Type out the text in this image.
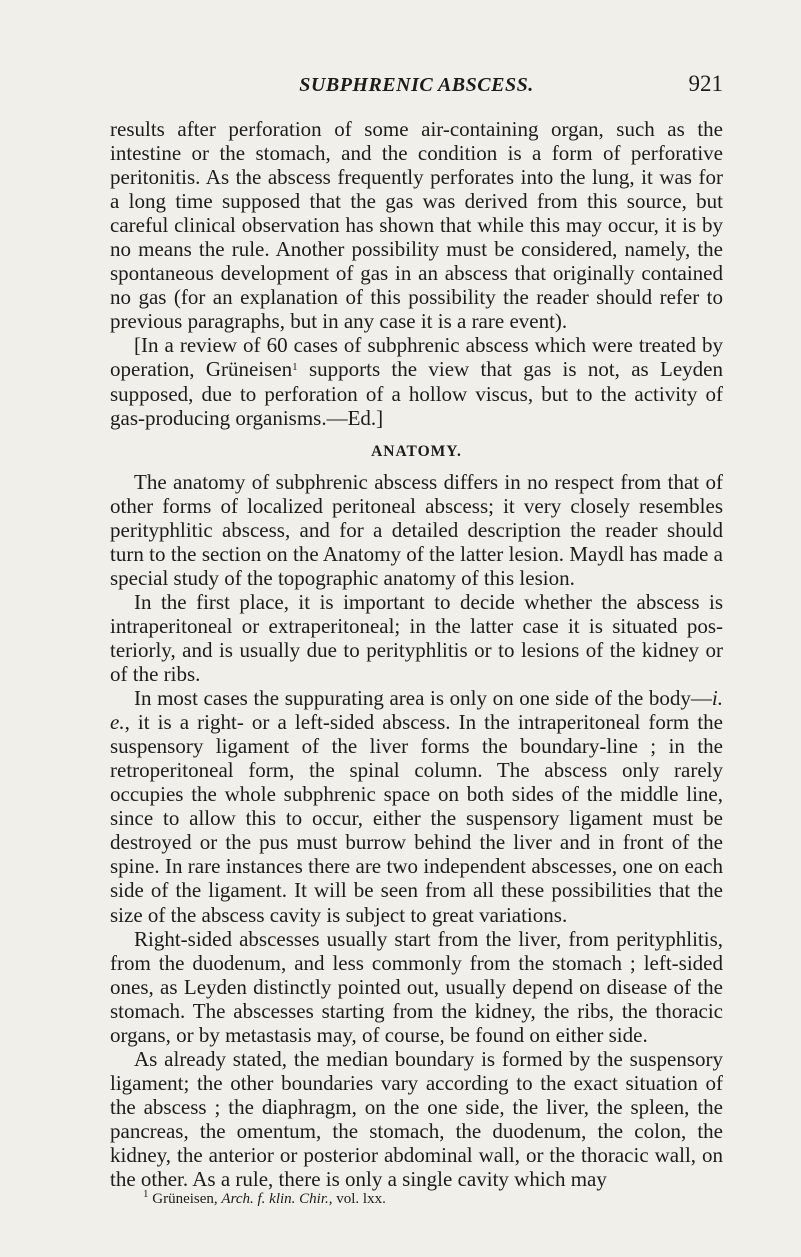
SUBPHRENIC ABSCESS.	921

results after perforation of some air-containing organ, such as the intestine or the stomach, and the condition is a form of perforative peritonitis. As the abscess frequently perforates into the lung, it was for a long time supposed that the gas was derived from this source, but careful clinical observation has shown that while this may occur, it is by no means the rule. Another possibility must be considered, namely, the spontaneous development of gas in an abscess that originally contained no gas (for an explanation of this possibility the reader should refer to previous paragraphs, but in any case it is a rare event).

[In a review of 60 cases of subphrenic abscess which were treated by operation, Grüneisen$^1$ supports the view that gas is not, as Leyden supposed, due to perforation of a hollow viscus, but to the activity of gas-producing organisms.—Ed.]

ANATOMY.

The anatomy of subphrenic abscess differs in no respect from that of other forms of localized peritoneal abscess; it very closely resembles perityphlitic abscess, and for a detailed description the reader should turn to the section on the Anatomy of the latter lesion. Maydl has made a special study of the topographic anatomy of this lesion.

In the first place, it is important to decide whether the abscess is intraperitoneal or extraperitoneal; in the latter case it is situated posteriorly, and is usually due to perityphlitis or to lesions of the kidney or of the ribs.

In most cases the suppurating area is only on one side of the body—i. e., it is a right- or a left-sided abscess. In the intraperitoneal form the suspensory ligament of the liver forms the boundary-line ; in the retroperitoneal form, the spinal column. The abscess only rarely occupies the whole subphrenic space on both sides of the middle line, since to allow this to occur, either the suspensory ligament must be destroyed or the pus must burrow behind the liver and in front of the spine. In rare instances there are two independent abscesses, one on each side of the ligament. It will be seen from all these possibilities that the size of the abscess cavity is subject to great variations.

Right-sided abscesses usually start from the liver, from perityphlitis, from the duodenum, and less commonly from the stomach ; left-sided ones, as Leyden distinctly pointed out, usually depend on disease of the stomach. The abscesses starting from the kidney, the ribs, the thoracic organs, or by metastasis may, of course, be found on either side.

As already stated, the median boundary is formed by the suspensory ligament; the other boundaries vary according to the exact situation of the abscess ; the diaphragm, on the one side, the liver, the spleen, the pancreas, the omentum, the stomach, the duodenum, the colon, the kidney, the anterior or posterior abdominal wall, or the thoracic wall, on the other. As a rule, there is only a single cavity which may

$^1$ Grüneisen, Arch. f. klin. Chir., vol. lxx.
